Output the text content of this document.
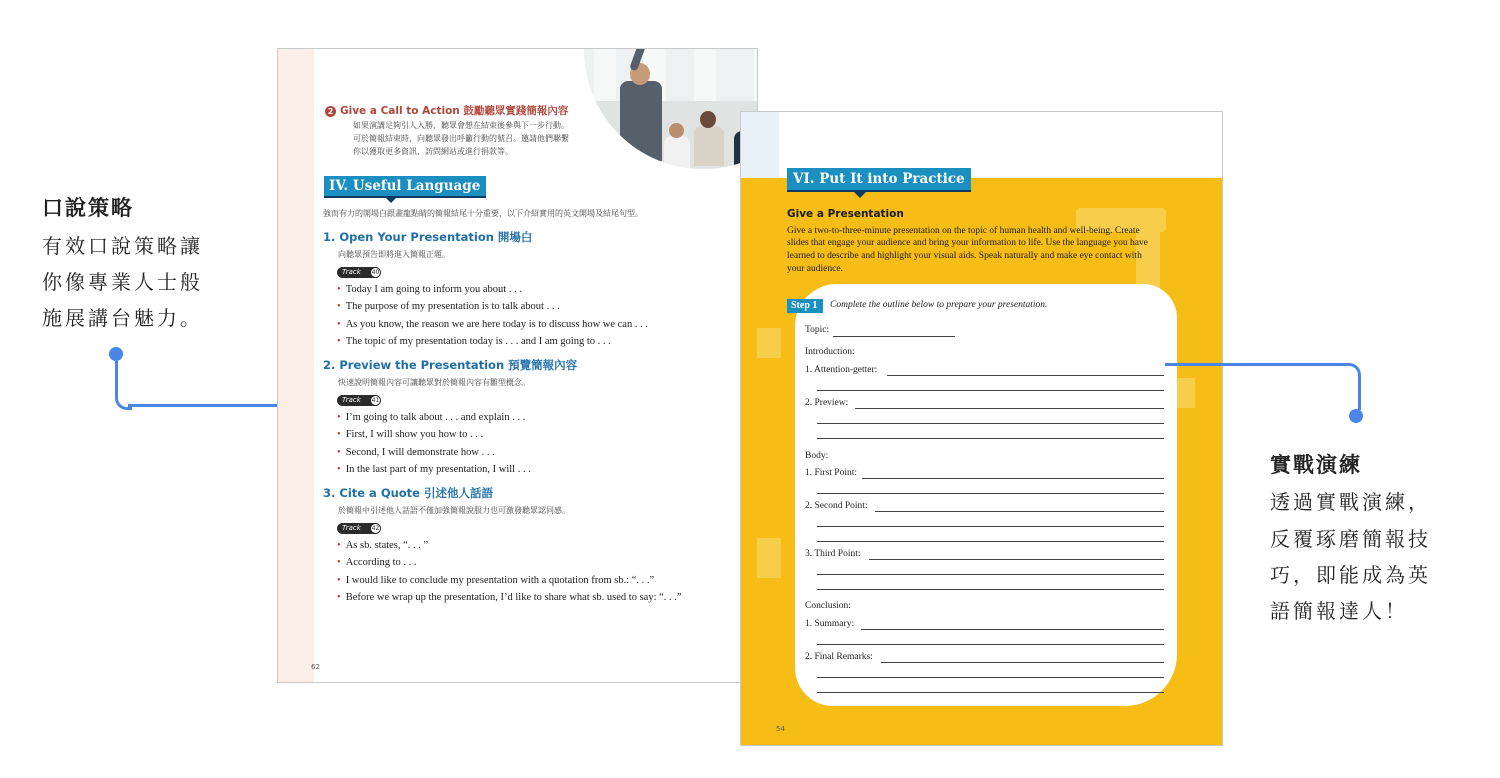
口說策略
有效口說策略讓
你像專業人士般
施展講台魅力。
實戰演練
透過實戰演練，
反覆琢磨簡報技
巧，即能成為英
語簡報達人！
2 Give a Call to Action 鼓勵聽眾實踐簡報內容
如果演講足夠引人入勝，聽眾會想在結束後參與下一步行動。
可於簡報結束時，向聽眾發出呼籲行動的號召。邀請他們聯繫
你以獲取更多資訊、訪問網站或進行捐款等。
IV. Useful Language
強而有力的開場白跟畫龍點睛的簡報結尾十分重要，以下介紹實用的英文開場及結尾句型。
1. Open Your Presentation 開場白
向聽眾預告即將進入簡報正題。
Track 40
• Today I am going to inform you about . . .
• The purpose of my presentation is to talk about . . .
• As you know, the reason we are here today is to discuss how we can . . .
• The topic of my presentation today is . . . and I am going to . . .
2. Preview the Presentation 預覽簡報內容
快速說明簡報內容可讓聽眾對於簡報內容有雛型概念。
Track 41
• I’m going to talk about . . . and explain . . .
• First, I will show you how to . . .
• Second, I will demonstrate how . . .
• In the last part of my presentation, I will . . .
3. Cite a Quote 引述他人話語
於簡報中引述他人話語不僅加強簡報說服力也可激發聽眾認同感。
Track 42
• As sb. states, “. . . ”
• According to . . .
• I would like to conclude my presentation with a quotation from sb.: “. . .”
• Before we wrap up the presentation, I’d like to share what sb. used to say: “. . .”
62
VI. Put It into Practice
Give a Presentation
Give a two-to-three-minute presentation on the topic of human health and well-being. Create
slides that engage your audience and bring your information to life. Use the language you have
learned to describe and highlight your visual aids. Speak naturally and make eye contact with
your audience.
Step 1	Complete the outline below to prepare your presentation.
Topic:
Introduction:
1. Attention-getter:
2. Preview:
Body:
1. First Point:
2. Second Point:
3. Third Point:
Conclusion:
1. Summary:
2. Final Remarks:
54
